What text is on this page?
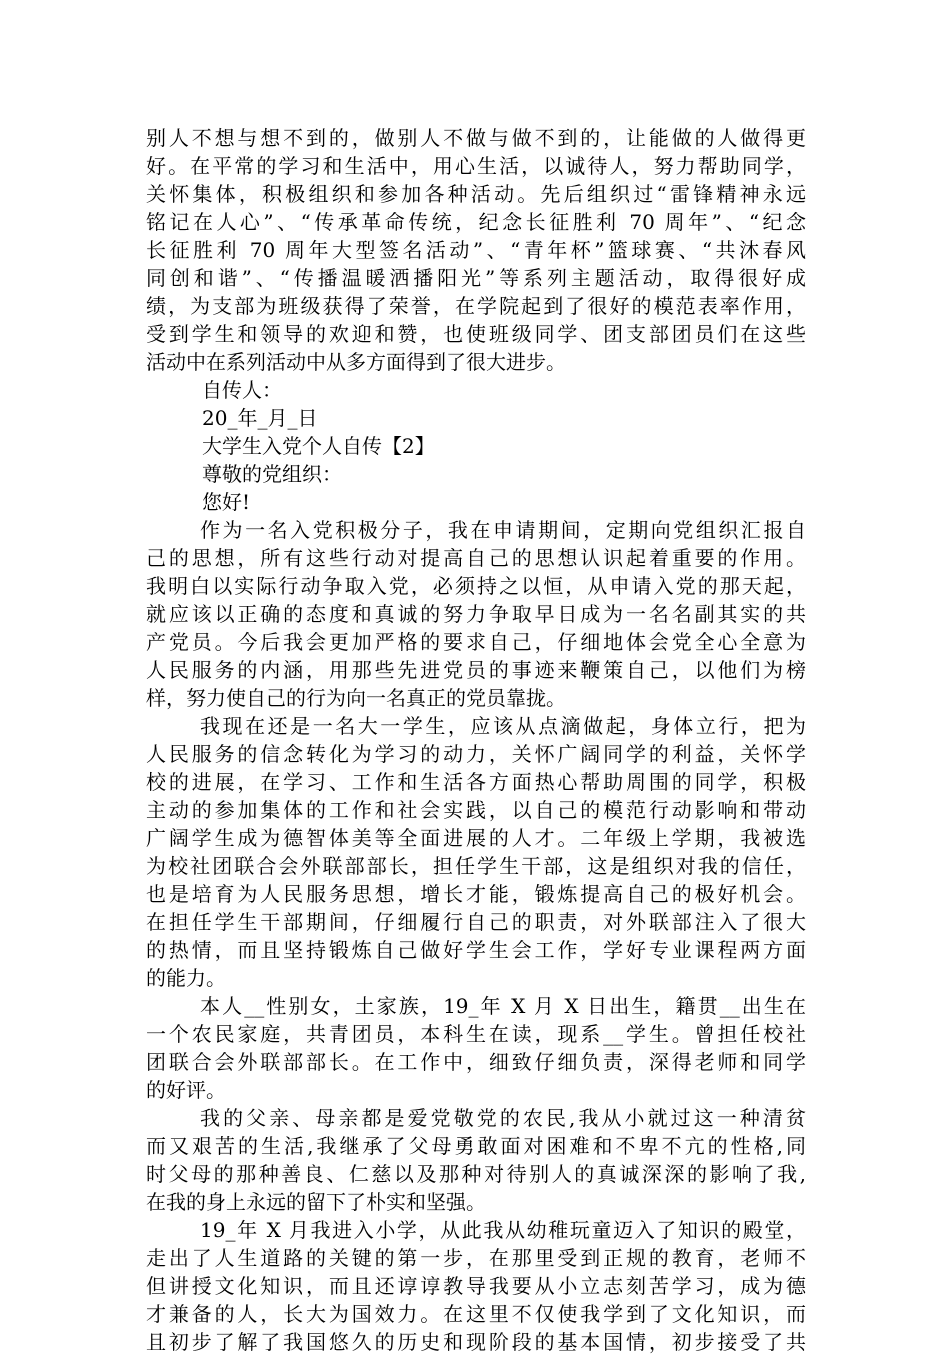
别人不想与想不到的，做别人不做与做不到的，让能做的人做得更
好。在平常的学习和生活中，用心生活，以诚待人，努力帮助同学，
关怀集体，积极组织和参加各种活动。先后组织过“雷锋精神永远
铭记在人心”、“传承革命传统，纪念长征胜利 70 周年”、“纪念
长征胜利 70 周年大型签名活动”、“青年杯”篮球赛、“共沐春风
同创和谐”、“传播温暖洒播阳光”等系列主题活动，取得很好成
绩，为支部为班级获得了荣誉，在学院起到了很好的模范表率作用，
受到学生和领导的欢迎和赞，也使班级同学、团支部团员们在这些
活动中在系列活动中从多方面得到了很大进步。
自传人：
20_年_月_日
大学生入党个人自传【2】
尊敬的党组织：
您好!
作为一名入党积极分子，我在申请期间，定期向党组织汇报自
己的思想，所有这些行动对提高自己的思想认识起着重要的作用。
我明白以实际行动争取入党，必须持之以恒，从申请入党的那天起，
就应该以正确的态度和真诚的努力争取早日成为一名名副其实的共
产党员。今后我会更加严格的要求自己，仔细地体会党全心全意为
人民服务的内涵，用那些先进党员的事迹来鞭策自己，以他们为榜
样，努力使自己的行为向一名真正的党员靠拢。
我现在还是一名大一学生，应该从点滴做起，身体立行，把为
人民服务的信念转化为学习的动力，关怀广阔同学的利益，关怀学
校的进展，在学习、工作和生活各方面热心帮助周围的同学，积极
主动的参加集体的工作和社会实践，以自己的模范行动影响和带动
广阔学生成为德智体美等全面进展的人才。二年级上学期，我被选
为校社团联合会外联部部长，担任学生干部，这是组织对我的信任，
也是培育为人民服务思想，增长才能，锻炼提高自己的极好机会。
在担任学生干部期间，仔细履行自己的职责，对外联部注入了很大
的热情，而且坚持锻炼自己做好学生会工作，学好专业课程两方面
的能力。
本人__性别女，土家族，19_年 X 月 X 日出生，籍贯__出生在
一个农民家庭，共青团员，本科生在读，现系__学生。曾担任校社
团联合会外联部部长。在工作中，细致仔细负责，深得老师和同学
的好评。
我的父亲、母亲都是爱党敬党的农民,我从小就过这一种清贫
而又艰苦的生活,我继承了父母勇敢面对困难和不卑不亢的性格,同
时父母的那种善良、仁慈以及那种对待别人的真诚深深的影响了我,
在我的身上永远的留下了朴实和坚强。
19_年 X 月我进入小学，从此我从幼稚玩童迈入了知识的殿堂，
走出了人生道路的关键的第一步，在那里受到正规的教育，老师不
但讲授文化知识，而且还谆谆教导我要从小立志刻苦学习，成为德
才兼备的人，长大为国效力。在这里不仅使我学到了文化知识，而
且初步了解了我国悠久的历史和现阶段的基本国情，初步接受了共
